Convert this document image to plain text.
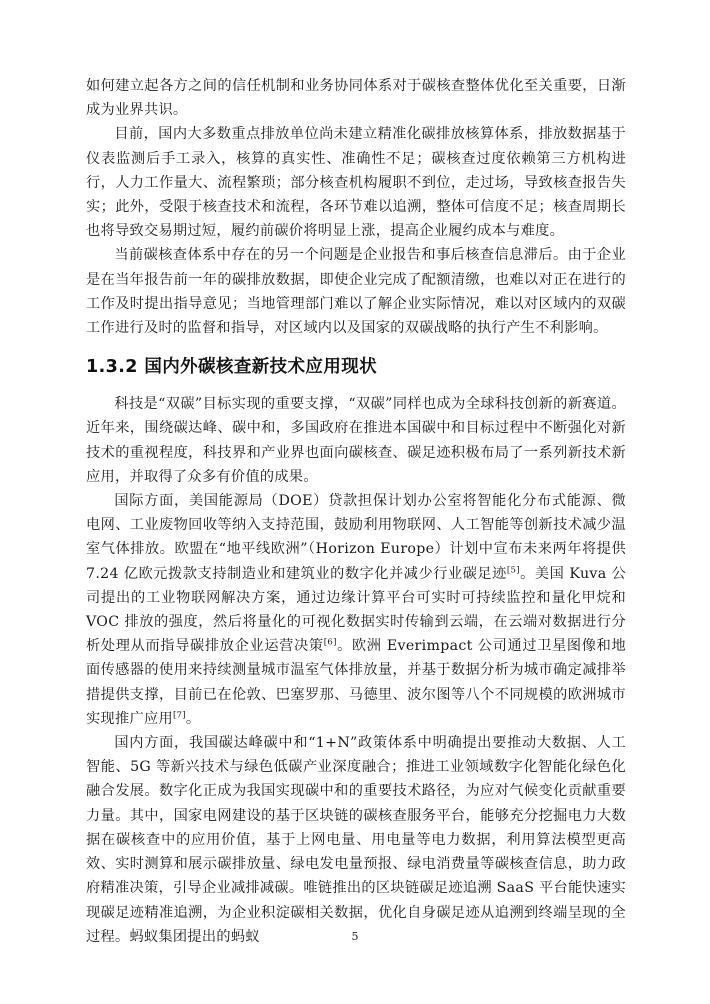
如何建立起各方之间的信任机制和业务协同体系对于碳核查整体优化至关重要，日渐成为业界共识。

目前，国内大多数重点排放单位尚未建立精准化碳排放核算体系，排放数据基于仪表监测后手工录入，核算的真实性、准确性不足；碳核查过度依赖第三方机构进行，人力工作量大、流程繁琐；部分核查机构履职不到位，走过场，导致核查报告失实；此外，受限于核查技术和流程，各环节难以追溯，整体可信度不足；核查周期长也将导致交易期过短，履约前碳价将明显上涨，提高企业履约成本与难度。

当前碳核查体系中存在的另一个问题是企业报告和事后核查信息滞后。由于企业是在当年报告前一年的碳排放数据，即使企业完成了配额清缴，也难以对正在进行的工作及时提出指导意见；当地管理部门难以了解企业实际情况，难以对区域内的双碳工作进行及时的监督和指导，对区域内以及国家的双碳战略的执行产生不利影响。

1.3.2 国内外碳核查新技术应用现状

科技是“双碳”目标实现的重要支撑，“双碳”同样也成为全球科技创新的新赛道。近年来，围绕碳达峰、碳中和，多国政府在推进本国碳中和目标过程中不断强化对新技术的重视程度，科技界和产业界也面向碳核查、碳足迹积极布局了一系列新技术新应用，并取得了众多有价值的成果。

国际方面，美国能源局（DOE）贷款担保计划办公室将智能化分布式能源、微电网、工业废物回收等纳入支持范围，鼓励利用物联网、人工智能等创新技术减少温室气体排放。欧盟在“地平线欧洲”（Horizon Europe）计划中宣布未来两年将提供 7.24 亿欧元拨款支持制造业和建筑业的数字化并减少行业碳足迹[5]。美国 Kuva 公司提出的工业物联网解决方案，通过边缘计算平台可实时可持续监控和量化甲烷和 VOC 排放的强度，然后将量化的可视化数据实时传输到云端，在云端对数据进行分析处理从而指导碳排放企业运营决策[6]。欧洲 Everimpact 公司通过卫星图像和地面传感器的使用来持续测量城市温室气体排放量，并基于数据分析为城市确定减排举措提供支撑，目前已在伦敦、巴塞罗那、马德里、波尔图等八个不同规模的欧洲城市实现推广应用[7]。

国内方面，我国碳达峰碳中和“1+N”政策体系中明确提出要推动大数据、人工智能、5G 等新兴技术与绿色低碳产业深度融合；推进工业领域数字化智能化绿色化融合发展。数字化正成为我国实现碳中和的重要技术路径，为应对气候变化贡献重要力量。其中，国家电网建设的基于区块链的碳核查服务平台，能够充分挖掘电力大数据在碳核查中的应用价值，基于上网电量、用电量等电力数据，利用算法模型更高效、实时测算和展示碳排放量、绿电发电量预报、绿电消费量等碳核查信息，助力政府精准决策，引导企业减排减碳。唯链推出的区块链碳足迹追溯 SaaS 平台能快速实现碳足迹精准追溯，为企业积淀碳相关数据，优化自身碳足迹从追溯到终端呈现的全过程。蚂蚁集团提出的蚂蚁	5
